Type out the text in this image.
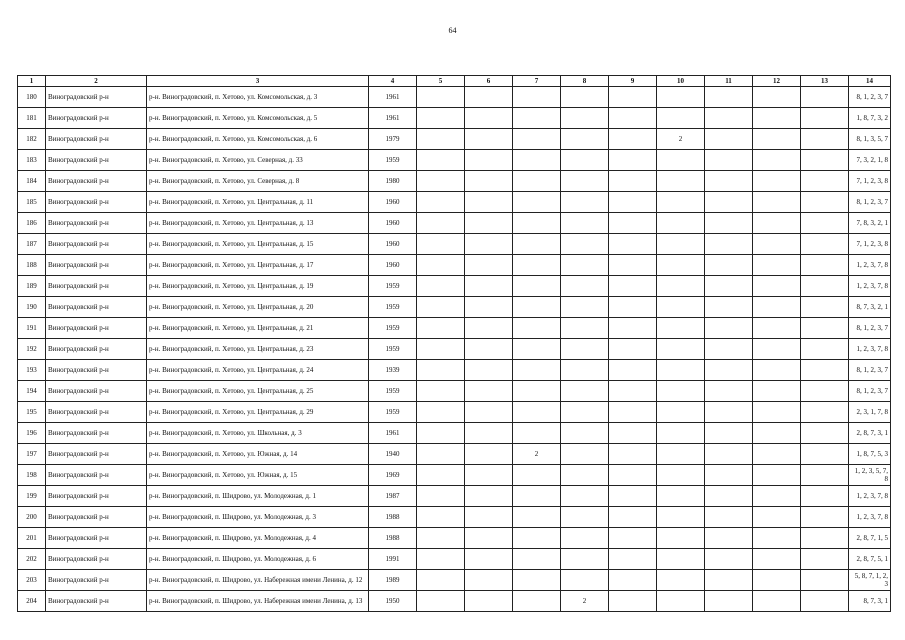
64
1	2	3	4	5	6	7	8	9	10	11	12	13	14
180	Виноградовский р-н	р-н. Виноградовский, п. Хетово, ул. Комсомольская, д. 3	1961										8, 1, 2, 3, 7
181	Виноградовский р-н	р-н. Виноградовский, п. Хетово, ул. Комсомольская, д. 5	1961										1, 8, 7, 3, 2
182	Виноградовский р-н	р-н. Виноградовский, п. Хетово, ул. Комсомольская, д. 6	1979						2				8, 1, 3, 5, 7
183	Виноградовский р-н	р-н. Виноградовский, п. Хетово, ул. Северная, д. 33	1959										7, 3, 2, 1, 8
184	Виноградовский р-н	р-н. Виноградовский, п. Хетово, ул. Северная, д. 8	1980										7, 1, 2, 3, 8
185	Виноградовский р-н	р-н. Виноградовский, п. Хетово, ул. Центральная, д. 11	1960										8, 1, 2, 3, 7
186	Виноградовский р-н	р-н. Виноградовский, п. Хетово, ул. Центральная, д. 13	1960										7, 8, 3, 2, 1
187	Виноградовский р-н	р-н. Виноградовский, п. Хетово, ул. Центральная, д. 15	1960										7, 1, 2, 3, 8
188	Виноградовский р-н	р-н. Виноградовский, п. Хетово, ул. Центральная, д. 17	1960										1, 2, 3, 7, 8
189	Виноградовский р-н	р-н. Виноградовский, п. Хетово, ул. Центральная, д. 19	1959										1, 2, 3, 7, 8
190	Виноградовский р-н	р-н. Виноградовский, п. Хетово, ул. Центральная, д. 20	1959										8, 7, 3, 2, 1
191	Виноградовский р-н	р-н. Виноградовский, п. Хетово, ул. Центральная, д. 21	1959										8, 1, 2, 3, 7
192	Виноградовский р-н	р-н. Виноградовский, п. Хетово, ул. Центральная, д. 23	1959										1, 2, 3, 7, 8
193	Виноградовский р-н	р-н. Виноградовский, п. Хетово, ул. Центральная, д. 24	1939										8, 1, 2, 3, 7
194	Виноградовский р-н	р-н. Виноградовский, п. Хетово, ул. Центральная, д. 25	1959										8, 1, 2, 3, 7
195	Виноградовский р-н	р-н. Виноградовский, п. Хетово, ул. Центральная, д. 29	1959										2, 3, 1, 7, 8
196	Виноградовский р-н	р-н. Виноградовский, п. Хетово, ул. Школьная, д. 3	1961										2, 8, 7, 3, 1
197	Виноградовский р-н	р-н. Виноградовский, п. Хетово, ул. Южная, д. 14	1940			2							1, 8, 7, 5, 3
198	Виноградовский р-н	р-н. Виноградовский, п. Хетово, ул. Южная, д. 15	1969										1, 2, 3, 5, 7, 8
199	Виноградовский р-н	р-н. Виноградовский, п. Шидрово, ул. Молодежная, д. 1	1987										1, 2, 3, 7, 8
200	Виноградовский р-н	р-н. Виноградовский, п. Шидрово, ул. Молодежная, д. 3	1988										1, 2, 3, 7, 8
201	Виноградовский р-н	р-н. Виноградовский, п. Шидрово, ул. Молодежная, д. 4	1988										2, 8, 7, 1, 5
202	Виноградовский р-н	р-н. Виноградовский, п. Шидрово, ул. Молодежная, д. 6	1991										2, 8, 7, 5, 1
203	Виноградовский р-н	р-н. Виноградовский, п. Шидрово, ул. Набережная имени Ленина, д. 12	1989										5, 8, 7, 1, 2, 3
204	Виноградовский р-н	р-н. Виноградовский, п. Шидрово, ул. Набережная имени Ленина, д. 13	1950				2						8, 7, 3, 1
